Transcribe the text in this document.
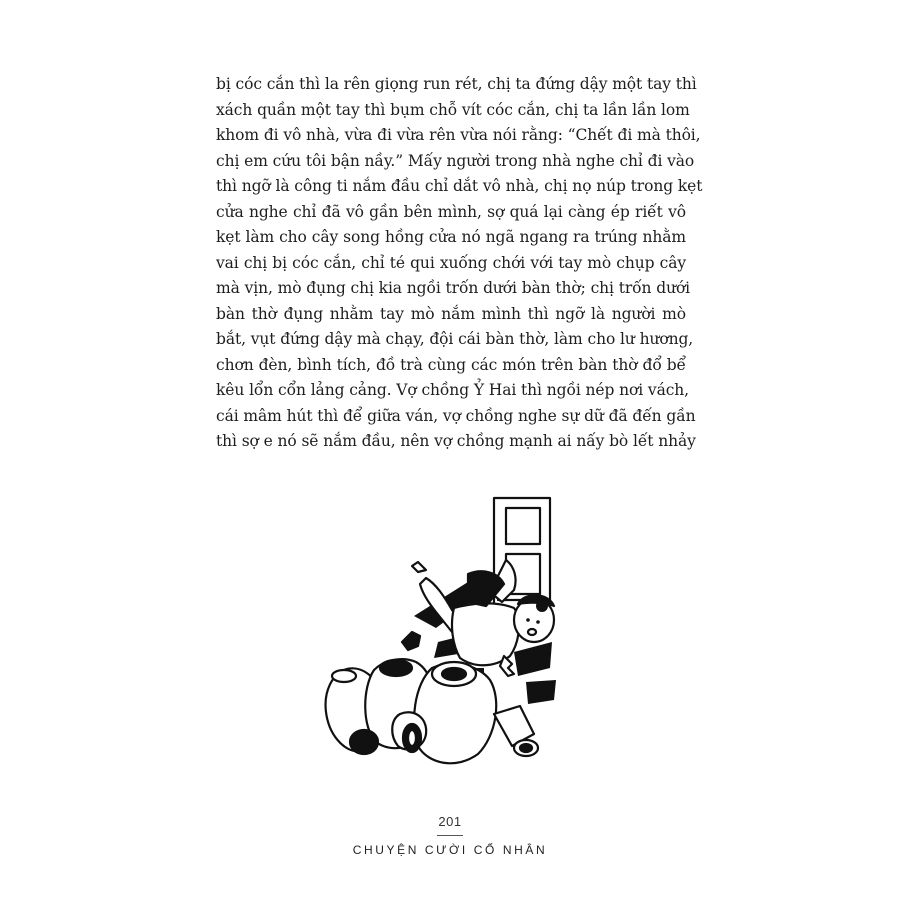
bị cóc cắn thì la rên giọng run rét, chị ta đứng dậy một tay thì
xách quần một tay thì bụm chỗ vít cóc cắn, chị ta lần lần lom
khom đi vô nhà, vừa đi vừa rên vừa nói rằng: “Chết đi mà thôi,
chị em cứu tôi bận nầy.” Mấy người trong nhà nghe chỉ đi vào
thì ngỡ là công ti nắm đầu chỉ dắt vô nhà, chị nọ núp trong kẹt
cửa nghe chỉ đã vô gần bên mình, sợ quá lại càng ép riết vô
kẹt làm cho cây song hồng cửa nó ngã ngang ra trúng nhằm
vai chị bị cóc cắn, chỉ té qui xuống chới với tay mò chụp cây
mà vịn, mò đụng chị kia ngồi trốn dưới bàn thờ; chị trốn dưới
bàn thờ đụng nhằm tay mò nắm mình thì ngỡ là người mò
bắt, vụt đứng dậy mà chạy, đội cái bàn thờ, làm cho lư hương,
chơn đèn, bình tích, đồ trà cùng các món trên bàn thờ đổ bể
kêu lổn cổn lảng cảng. Vợ chồng Ỷ Hai thì ngồi nép nơi vách,
cái mâm hút thì để giữa ván, vợ chồng nghe sự dữ đã đến gần
thì sợ e nó sẽ nắm đầu, nên vợ chồng mạnh ai nấy bò lết nhảy
201
CHUYỆN CƯỜI CỔ NHÂN
